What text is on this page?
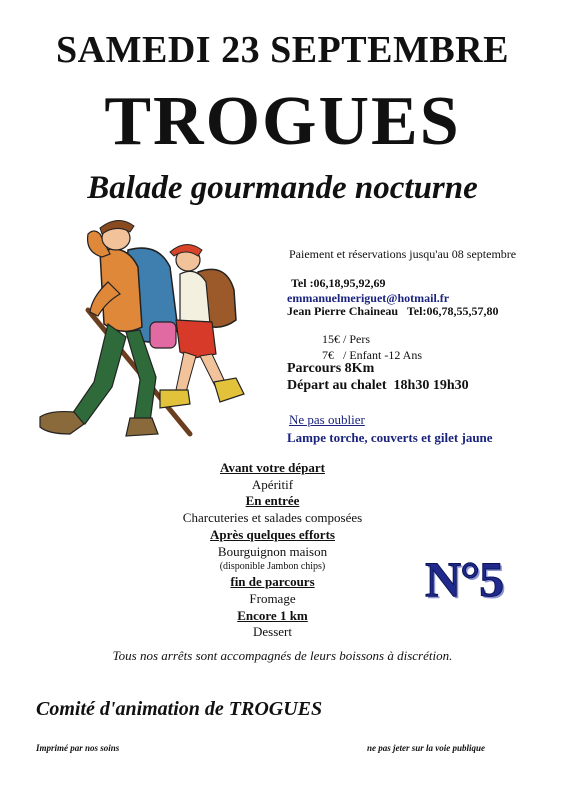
SAMEDI 23 SEPTEMBRE
TROGUES
Balade gourmande nocturne
Paiement et réservations jusqu'au 08 septembre
Tel :06,18,95,92,69
emmanuelmeriguet@hotmail.fr
Jean Pierre Chaineau   Tel:06,78,55,57,80
15€ / Pers
7€   / Enfant -12 Ans
Parcours 8Km
Départ au chalet  18h30 19h30
Ne pas oublier
Lampe torche, couverts et gilet jaune
Avant votre départ
Apéritif
En entrée
Charcuteries et salades composées
Après quelques efforts
Bourguignon maison
(disponible Jambon chips)
fin de parcours
Fromage
Encore 1 km
Dessert
N°5
Tous nos arrêts sont accompagnés de leurs boissons à discrétion.
Comité d'animation de TROGUES
Imprimé par nos soins	ne pas jeter sur la voie publique
